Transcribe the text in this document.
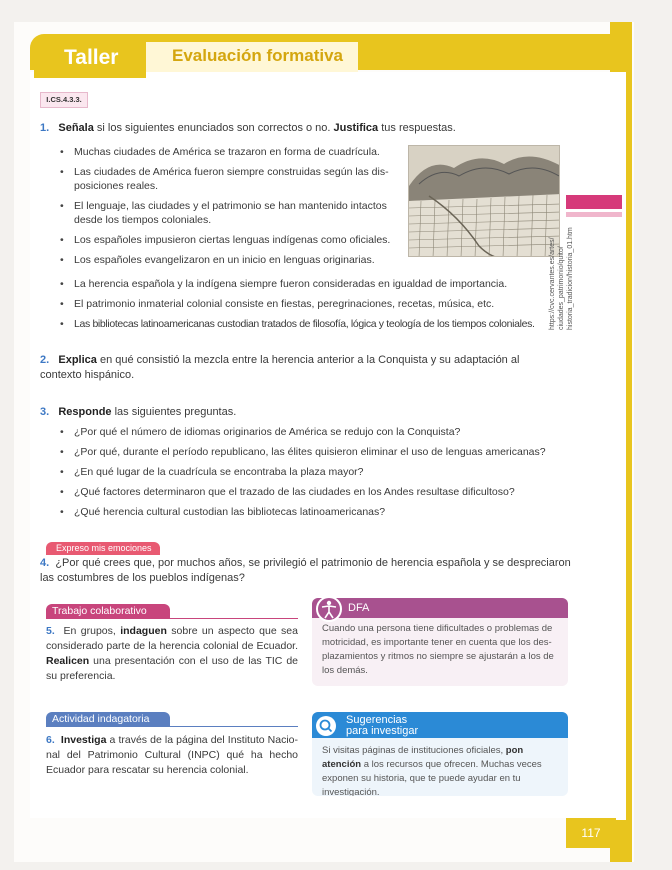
Taller	Evaluación formativa
I.CS.4.3.3.
1. Señala si los siguientes enunciados son correctos o no. Justifica tus respuestas.
• Muchas ciudades de América se trazaron en forma de cuadrícula.
• Las ciudades de América fueron siempre construidas según las dis-posiciones reales.
• El lenguaje, las ciudades y el patrimonio se han mantenido intactos desde los tiempos coloniales.
• Los españoles impusieron ciertas lenguas indígenas como oficiales.
• Los españoles evangelizaron en un inicio en lenguas originarias.
• La herencia española y la indígena siempre fueron consideradas en igualdad de importancia.
• El patrimonio inmaterial colonial consiste en fiestas, peregrinaciones, recetas, música, etc.
• Las bibliotecas latinoamericanas custodian tratados de filosofía, lógica y teología de los tiempos coloniales.	https://cvc.cervantes.es/artes/ ciudades_patrimonio/quito/ historia_tradicion/historia_01.htm
2. Explica en qué consistió la mezcla entre la herencia anterior a la Conquista y su adaptación al contexto hispánico.
3. Responde las siguientes preguntas.
• ¿Por qué el número de idiomas originarios de América se redujo con la Conquista?
• ¿Por qué, durante el período republicano, las élites quisieron eliminar el uso de lenguas americanas?
• ¿En qué lugar de la cuadrícula se encontraba la plaza mayor?
• ¿Qué factores determinaron que el trazado de las ciudades en los Andes resultase dificultoso?
• ¿Qué herencia cultural custodian las bibliotecas latinoamericanas?
Expreso mis emociones
4. ¿Por qué crees que, por muchos años, se privilegió el patrimonio de herencia española y se despreciaron las costumbres de los pueblos indígenas?
Trabajo colaborativo
5. En grupos, indaguen sobre un aspecto que sea considerado parte de la herencia colonial de Ecuador. Realicen una presentación con el uso de las TIC de su preferencia.
DFA
Cuando una persona tiene dificultades o problemas de motricidad, es importante tener en cuenta que los des-plazamientos y ritmos no siempre se ajustarán a los de los demás.
Actividad indagatoria
6. Investiga a través de la página del Instituto Nacio-nal del Patrimonio Cultural (INPC) qué ha hecho Ecuador para rescatar su herencia colonial.
Sugerencias
para investigar
Si visitas páginas de instituciones oficiales, pon atención a los recursos que ofrecen. Muchas veces exponen su historia, que te puede ayudar en tu investigación.
117
